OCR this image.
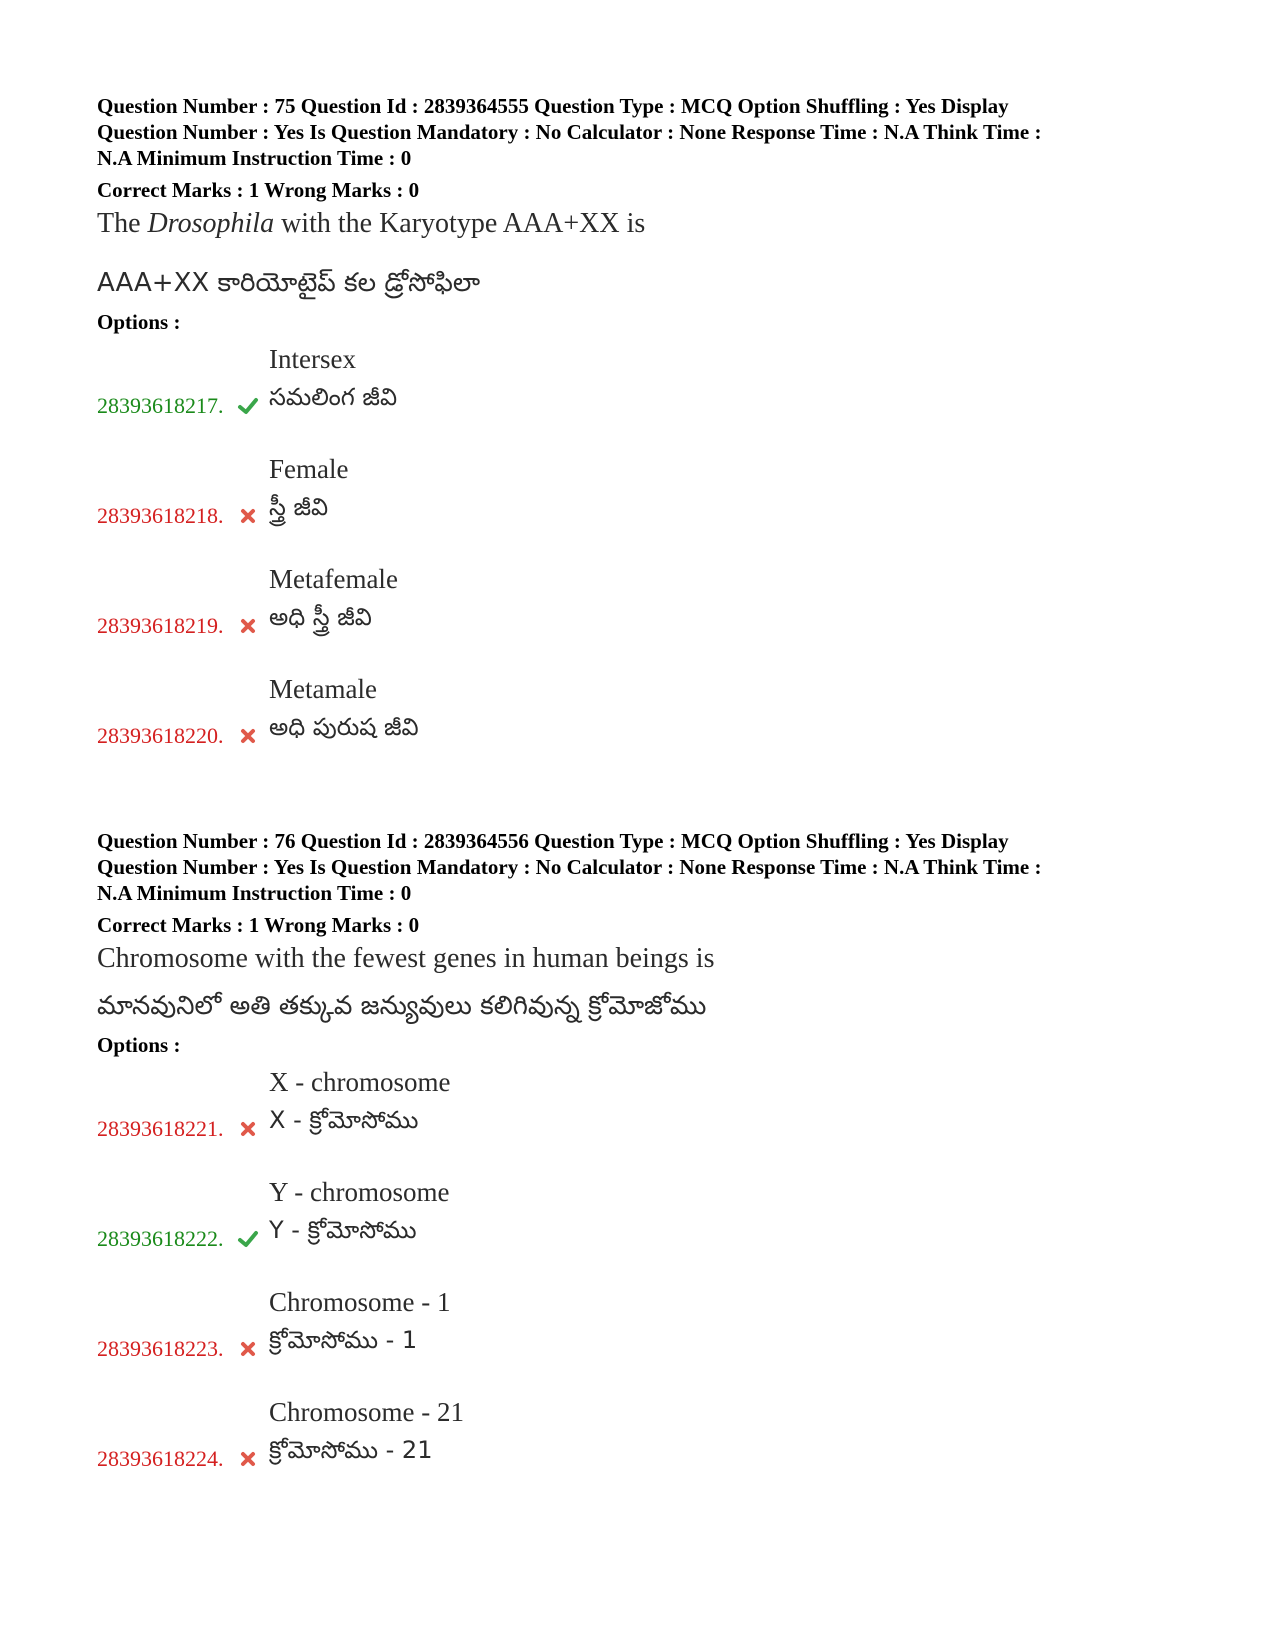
Question Number : 75 Question Id : 2839364555 Question Type : MCQ Option Shuffling : Yes Display

Question Number : Yes Is Question Mandatory : No Calculator : None Response Time : N.A Think Time :

N.A Minimum Instruction Time : 0

Correct Marks : 1 Wrong Marks : 0
The Drosophila with the Karyotype AAA+XX is
AAA+XX కారియోటైప్ కల డ్రోసోఫిలా
Options :
Intersex
28393618217. సమలింగ జీవి
Female
28393618218. స్త్రీ జీవి
Metafemale
28393618219. అధి స్త్రీ జీవి
Metamale
28393618220. అధి పురుష జీవి

Question Number : 76 Question Id : 2839364556 Question Type : MCQ Option Shuffling : Yes Display

Question Number : Yes Is Question Mandatory : No Calculator : None Response Time : N.A Think Time :

N.A Minimum Instruction Time : 0

Correct Marks : 1 Wrong Marks : 0
Chromosome with the fewest genes in human beings is
మానవునిలో అతి తక్కువ జన్యువులు కలిగివున్న క్రోమోజోము
Options :
X - chromosome
28393618221. X - క్రోమోసోము
Y - chromosome
28393618222. Y - క్రోమోసోము
Chromosome - 1
28393618223. క్రోమోసోము - 1
Chromosome - 21
28393618224. క్రోమోసోము - 21
